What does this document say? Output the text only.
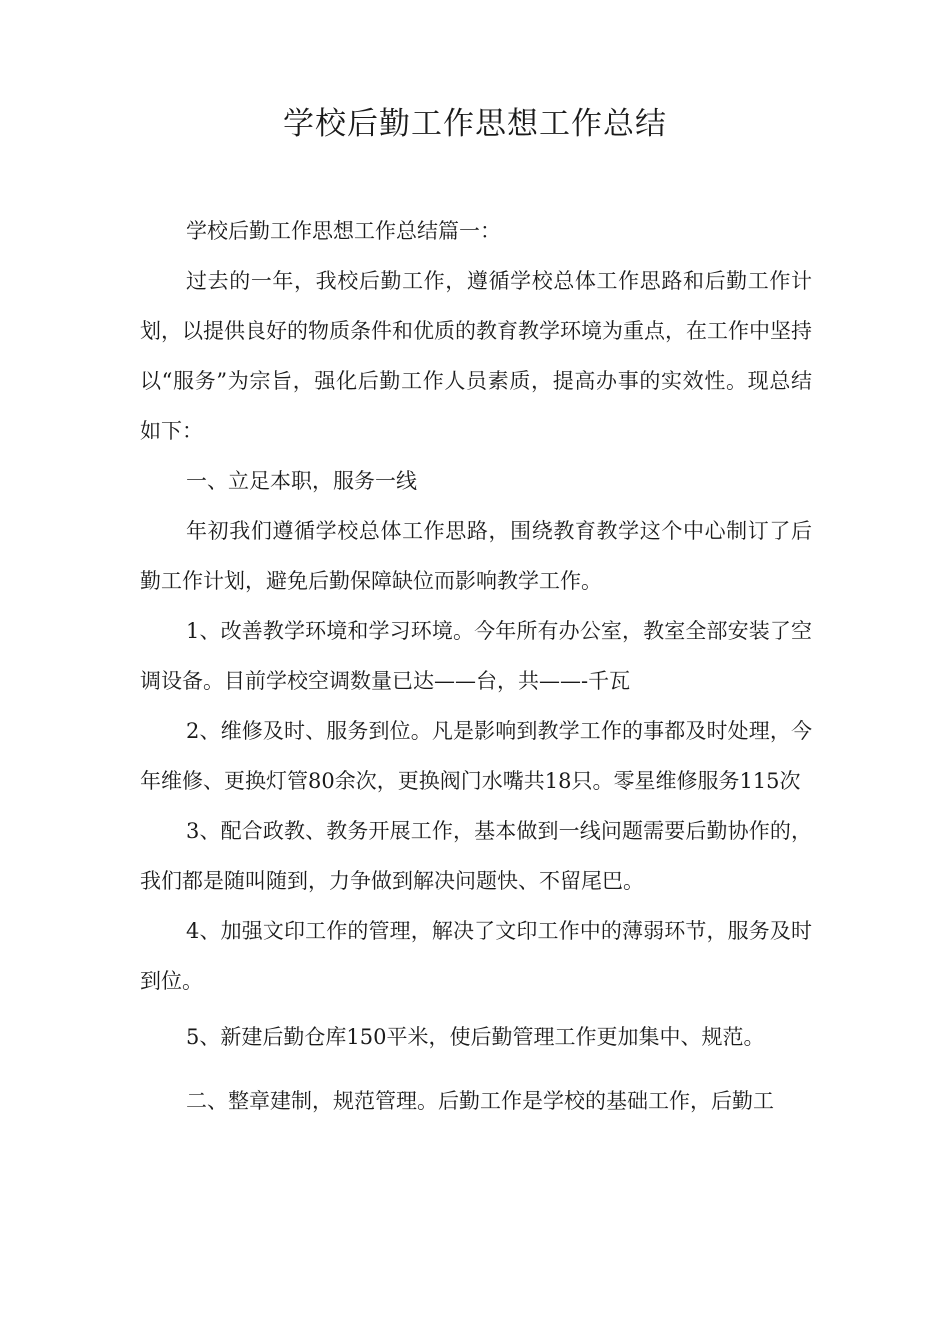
学校后勤工作思想工作总结

学校后勤工作思想工作总结篇一：

过去的一年，我校后勤工作，遵循学校总体工作思路和后勤工作计划，以提供良好的物质条件和优质的教育教学环境为重点，在工作中坚持以“服务”为宗旨，强化后勤工作人员素质，提高办事的实效性。现总结如下：

一、立足本职，服务一线

年初我们遵循学校总体工作思路，围绕教育教学这个中心制订了后勤工作计划，避免后勤保障缺位而影响教学工作。

1、改善教学环境和学习环境。今年所有办公室，教室全部安装了空调设备。目前学校空调数量已达——台，共——-千瓦

2、维修及时、服务到位。凡是影响到教学工作的事都及时处理，今年维修、更换灯管80余次，更换阀门水嘴共18只。零星维修服务115次

3、配合政教、教务开展工作，基本做到一线问题需要后勤协作的，我们都是随叫随到，力争做到解决问题快、不留尾巴。

4、加强文印工作的管理，解决了文印工作中的薄弱环节，服务及时到位。

5、新建后勤仓库150平米，使后勤管理工作更加集中、规范。

二、整章建制，规范管理。后勤工作是学校的基础工作，后勤工
